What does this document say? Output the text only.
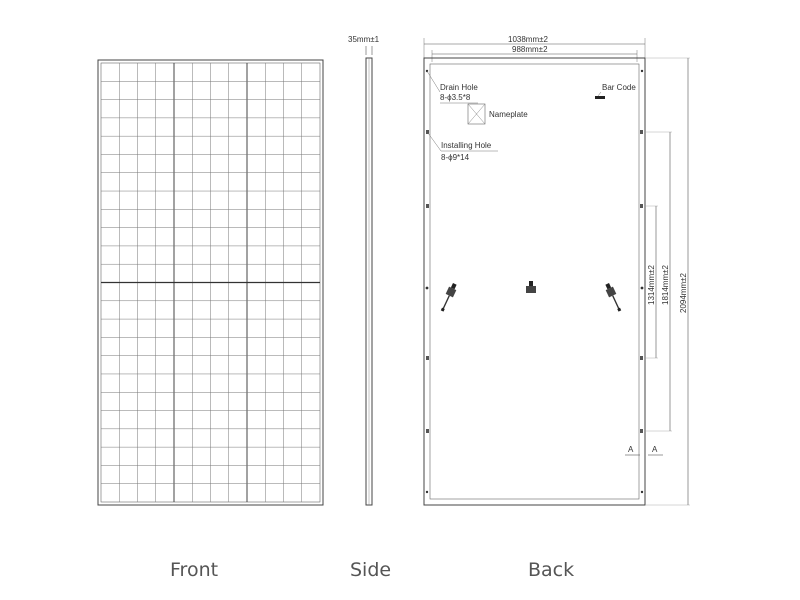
35mm±1	1038mm±2
988mm±2
Drain Hole
8-ϕ3.5*8
Nameplate
Bar Code
Installing Hole
8-ϕ9*14
1314mm±2 1814mm±2 2094mm±2
A A
Front	Side	Back
